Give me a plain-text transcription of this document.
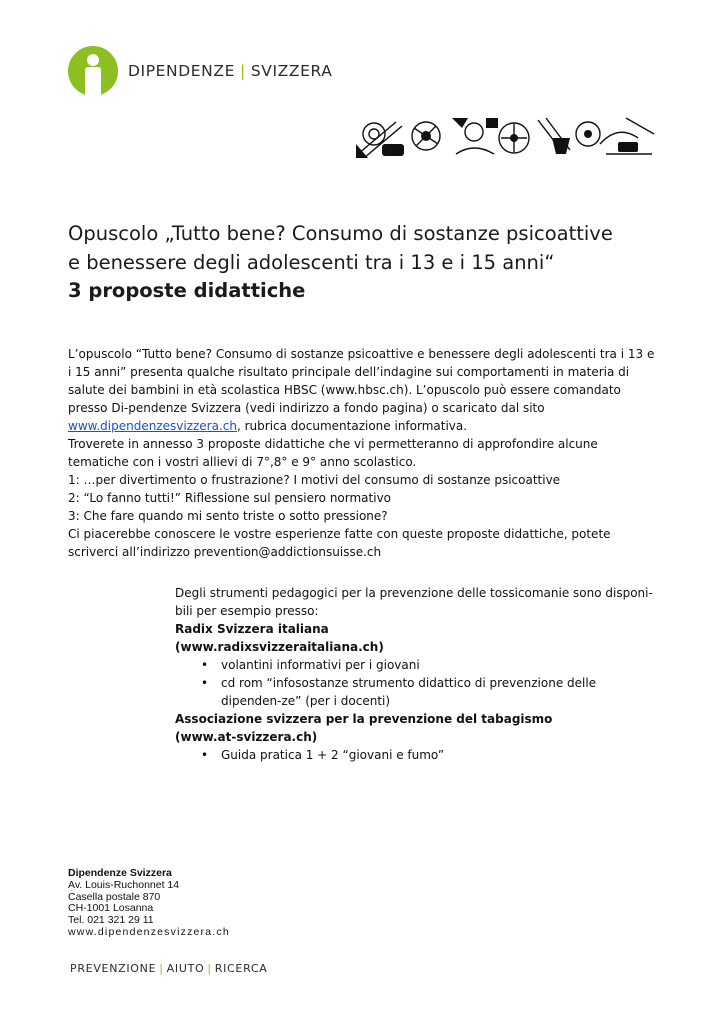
DIPENDENZE | SVIZZERA
Opuscolo „Tutto bene? Consumo di sostanze psicoattive
e benessere degli adolescenti tra i 13 e i 15 anni“
3 proposte didattiche

L’opuscolo “Tutto bene? Consumo di sostanze psicoattive e benessere degli adolescenti tra i 13 e i 15 anni” presenta qualche risultato principale dell’indagine sui comportamenti in materia di salute dei bambini in età scolastica HBSC (www.hbsc.ch). L’opuscolo può essere comandato presso Di-pendenze Svizzera (vedi indirizzo a fondo pagina) o scaricato dal sito www.dipendenzesvizzera.ch, rubrica documentazione informativa.

Troverete in annesso 3 proposte didattiche che vi permetteranno di approfondire alcune tematiche con i vostri allievi di 7°,8° e 9° anno scolastico.

1: …per divertimento o frustrazione? I motivi del consumo di sostanze psicoattive

2: “Lo fanno tutti!” Riflessione sul pensiero normativo

3: Che fare quando mi sento triste o sotto pressione?

Ci piacerebbe conoscere le vostre esperienze fatte con queste proposte didattiche, potete scriverci all’indirizzo prevention@addictionsuisse.ch

Degli strumenti pedagogici per la prevenzione delle tossicomanie sono disponi-bili per esempio presso:

Radix Svizzera italiana

(www.radixsvizzeraitaliana.ch)

• volantini informativi per i giovani
• cd rom “infosostanze strumento didattico di prevenzione delle dipenden-ze” (per i docenti)

Associazione svizzera per la prevenzione del tabagismo

(www.at-svizzera.ch)

• Guida pratica 1 + 2 “giovani e fumo”
Dipendenze Svizzera
Av. Louis-Ruchonnet 14
Casella postale 870
CH-1001 Losanna
Tel. 021 321 29 11
www.dipendenzesvizzera.ch
PREVENZIONE | AIUTO | RICERCA
